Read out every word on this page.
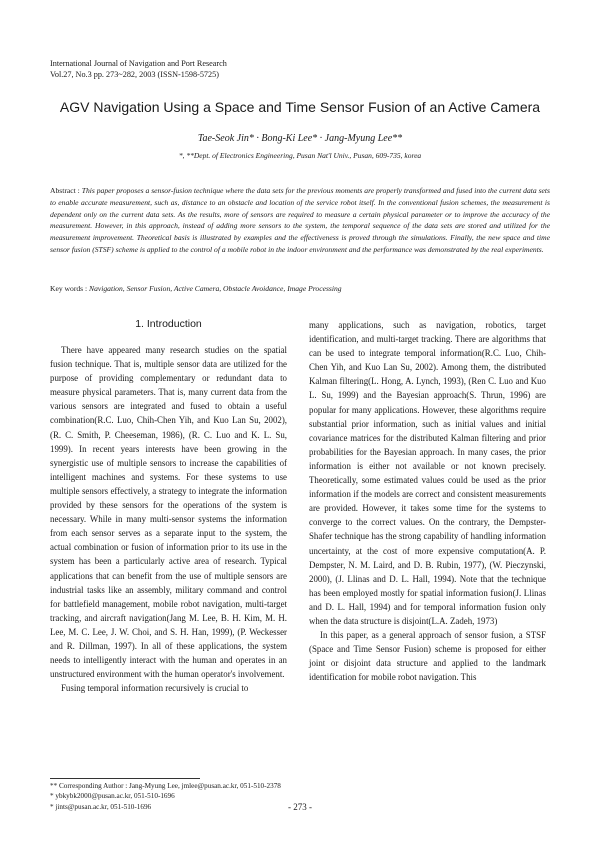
International Journal of Navigation and Port Research
Vol.27, No.3 pp. 273~282, 2003 (ISSN-1598-5725)
AGV Navigation Using a Space and Time Sensor Fusion of an Active Camera
Tae-Seok Jin* · Bong-Ki Lee* · Jang-Myung Lee**
*, **Dept. of Electronics Engineering, Pusan Nat'l Univ., Pusan, 609-735, korea
Abstract : This paper proposes a sensor-fusion technique where the data sets for the previous moments are properly transformed and fused into the current data sets to enable accurate measurement, such as, distance to an obstacle and location of the service robot itself. In the conventional fusion schemes, the measurement is dependent only on the current data sets. As the results, more of sensors are required to measure a certain physical parameter or to improve the accuracy of the measurement. However, in this approach, instead of adding more sensors to the system, the temporal sequence of the data sets are stored and utilized for the measurement improvement. Theoretical basis is illustrated by examples and the effectiveness is proved through the simulations. Finally, the new space and time sensor fusion (STSF) scheme is applied to the control of a mobile robot in the indoor environment and the performance was demonstrated by the real experiments.
Key words : Navigation, Sensor Fusion, Active Camera, Obstacle Avoidance, Image Processing
1. Introduction

There have appeared many research studies on the spatial fusion technique. That is, multiple sensor data are utilized for the purpose of providing complementary or redundant data to measure physical parameters. That is, many current data from the various sensors are integrated and fused to obtain a useful combination(R.C. Luo, Chih-Chen Yih, and Kuo Lan Su, 2002), (R. C. Smith, P. Cheeseman, 1986), (R. C. Luo and K. L. Su, 1999). In recent years interests have been growing in the synergistic use of multiple sensors to increase the capabilities of intelligent machines and systems. For these systems to use multiple sensors effectively, a strategy to integrate the information provided by these sensors for the operations of the system is necessary. While in many multi-sensor systems the information from each sensor serves as a separate input to the system, the actual combination or fusion of information prior to its use in the system has been a particularly active area of research. Typical applications that can benefit from the use of multiple sensors are industrial tasks like an assembly, military command and control for battlefield management, mobile robot navigation, multi-target tracking, and aircraft navigation(Jang M. Lee, B. H. Kim, M. H. Lee, M. C. Lee, J. W. Choi, and S. H. Han, 1999), (P. Weckesser and R. Dillman, 1997). In all of these applications, the system needs to intelligently interact with the human and operates in an unstructured environment with the human operator's involvement.

Fusing temporal information recursively is crucial to

many applications, such as navigation, robotics, target identification, and multi-target tracking. There are algorithms that can be used to integrate temporal information(R.C. Luo, Chih-Chen Yih, and Kuo Lan Su, 2002). Among them, the distributed Kalman filtering(L. Hong, A. Lynch, 1993), (Ren C. Luo and Kuo L. Su, 1999) and the Bayesian approach(S. Thrun, 1996) are popular for many applications. However, these algorithms require substantial prior information, such as initial values and initial covariance matrices for the distributed Kalman filtering and prior probabilities for the Bayesian approach. In many cases, the prior information is either not available or not known precisely. Theoretically, some estimated values could be used as the prior information if the models are correct and consistent measurements are provided. However, it takes some time for the systems to converge to the correct values. On the contrary, the Dempster-Shafer technique has the strong capability of handling information uncertainty, at the cost of more expensive computation(A. P. Dempster, N. M. Laird, and D. B. Rubin, 1977), (W. Pieczynski, 2000), (J. Llinas and D. L. Hall, 1994). Note that the technique has been employed mostly for spatial information fusion(J. Llinas and D. L. Hall, 1994) and for temporal information fusion only when the data structure is disjoint(L.A. Zadeh, 1973)

In this paper, as a general approach of sensor fusion, a STSF (Space and Time Sensor Fusion) scheme is proposed for either joint or disjoint data structure and applied to the landmark identification for mobile robot navigation. This

** Corresponding Author : Jang-Myung Lee, jmlee@pusan.ac.kr, 051-510-2378
* ybkybk2000@pusan.ac.kr, 051-510-1696
* jints@pusan.ac.kr, 051-510-1696	- 273 -
